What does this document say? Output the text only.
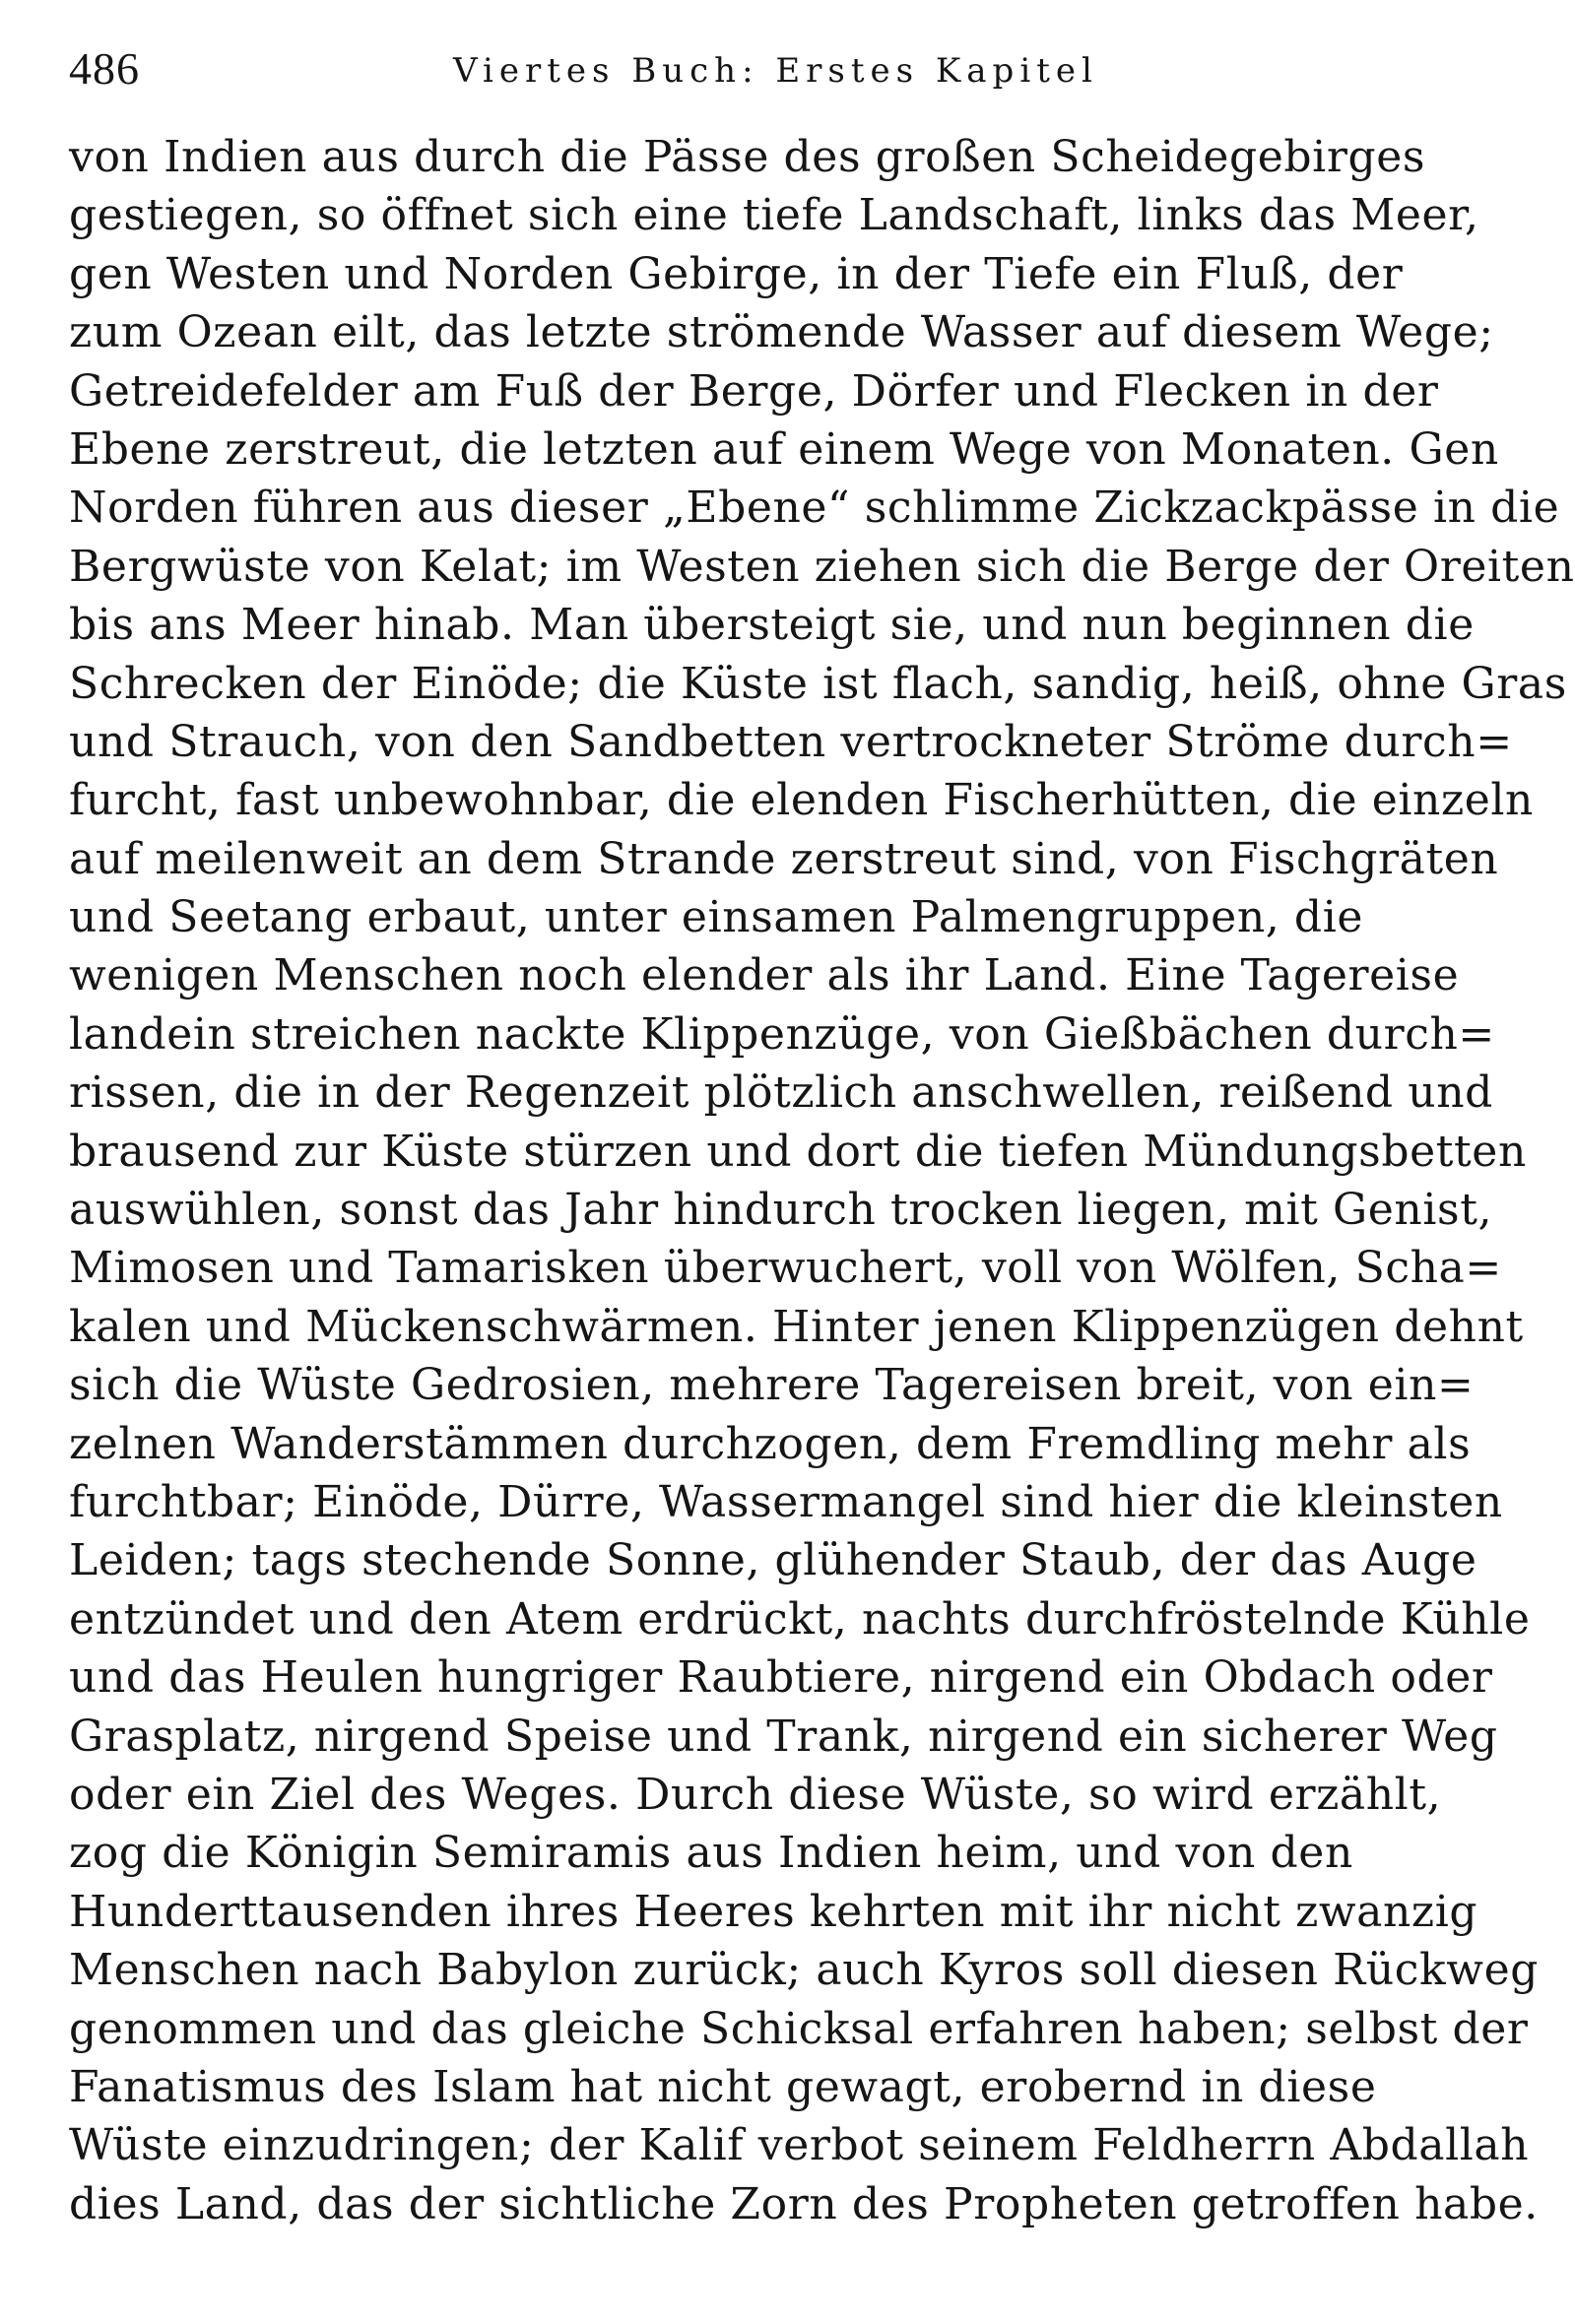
486	Viertes Buch: Erstes Kapitel
von Indien aus durch die Pässe des großen Scheidegebirges
gestiegen, so öffnet sich eine tiefe Landschaft, links das Meer,
gen Westen und Norden Gebirge, in der Tiefe ein Fluß, der
zum Ozean eilt, das letzte strömende Wasser auf diesem Wege;
Getreidefelder am Fuß der Berge, Dörfer und Flecken in der
Ebene zerstreut, die letzten auf einem Wege von Monaten. Gen
Norden führen aus dieser „Ebene“ schlimme Zickzackpässe in die
Bergwüste von Kelat; im Westen ziehen sich die Berge der Oreiten
bis ans Meer hinab. Man übersteigt sie, und nun beginnen die
Schrecken der Einöde; die Küste ist flach, sandig, heiß, ohne Gras
und Strauch, von den Sandbetten vertrockneter Ströme durch=
furcht, fast unbewohnbar, die elenden Fischerhütten, die einzeln
auf meilenweit an dem Strande zerstreut sind, von Fischgräten
und Seetang erbaut, unter einsamen Palmengruppen, die
wenigen Menschen noch elender als ihr Land. Eine Tagereise
landein streichen nackte Klippenzüge, von Gießbächen durch=
rissen, die in der Regenzeit plötzlich anschwellen, reißend und
brausend zur Küste stürzen und dort die tiefen Mündungsbetten
auswühlen, sonst das Jahr hindurch trocken liegen, mit Genist,
Mimosen und Tamarisken überwuchert, voll von Wölfen, Scha=
kalen und Mückenschwärmen. Hinter jenen Klippenzügen dehnt
sich die Wüste Gedrosien, mehrere Tagereisen breit, von ein=
zelnen Wanderstämmen durchzogen, dem Fremdling mehr als
furchtbar; Einöde, Dürre, Wassermangel sind hier die kleinsten
Leiden; tags stechende Sonne, glühender Staub, der das Auge
entzündet und den Atem erdrückt, nachts durchfröstelnde Kühle
und das Heulen hungriger Raubtiere, nirgend ein Obdach oder
Grasplatz, nirgend Speise und Trank, nirgend ein sicherer Weg
oder ein Ziel des Weges. Durch diese Wüste, so wird erzählt,
zog die Königin Semiramis aus Indien heim, und von den
Hunderttausenden ihres Heeres kehrten mit ihr nicht zwanzig
Menschen nach Babylon zurück; auch Kyros soll diesen Rückweg
genommen und das gleiche Schicksal erfahren haben; selbst der
Fanatismus des Islam hat nicht gewagt, erobernd in diese
Wüste einzudringen; der Kalif verbot seinem Feldherrn Abdallah
dies Land, das der sichtliche Zorn des Propheten getroffen habe.
